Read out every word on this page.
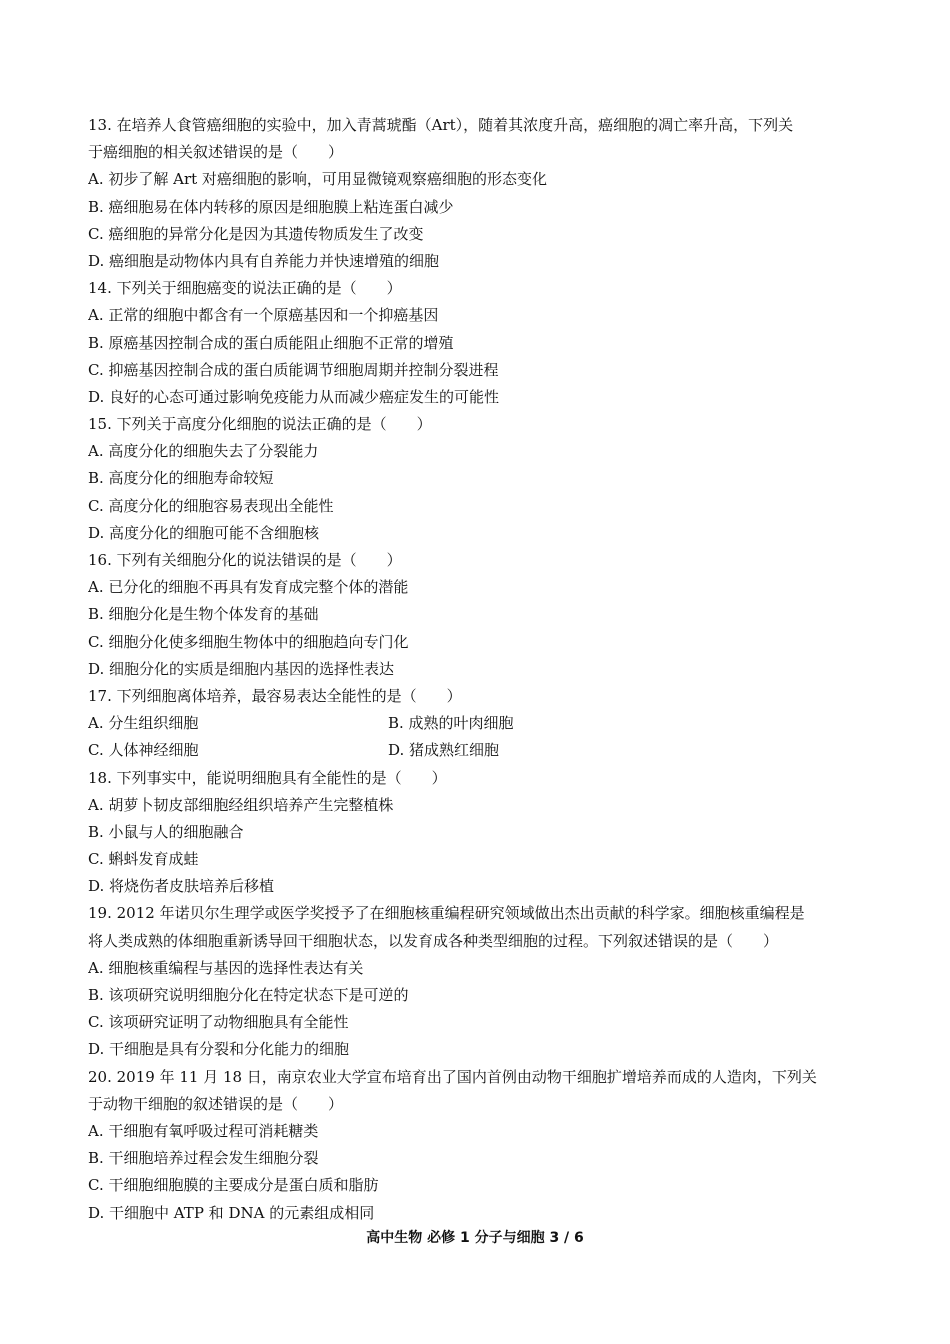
13. 在培养人食管癌细胞的实验中，加入青蒿琥酯（Art），随着其浓度升高，癌细胞的凋亡率升高，下列关
于癌细胞的相关叙述错误的是（　　）
A. 初步了解 Art 对癌细胞的影响，可用显微镜观察癌细胞的形态变化
B. 癌细胞易在体内转移的原因是细胞膜上粘连蛋白减少
C. 癌细胞的异常分化是因为其遗传物质发生了改变
D. 癌细胞是动物体内具有自养能力并快速增殖的细胞
14. 下列关于细胞癌变的说法正确的是（　　）
A. 正常的细胞中都含有一个原癌基因和一个抑癌基因
B. 原癌基因控制合成的蛋白质能阻止细胞不正常的增殖
C. 抑癌基因控制合成的蛋白质能调节细胞周期并控制分裂进程
D. 良好的心态可通过影响免疫能力从而减少癌症发生的可能性
15. 下列关于高度分化细胞的说法正确的是（　　）
A. 高度分化的细胞失去了分裂能力
B. 高度分化的细胞寿命较短
C. 高度分化的细胞容易表现出全能性
D. 高度分化的细胞可能不含细胞核
16. 下列有关细胞分化的说法错误的是（　　）
A. 已分化的细胞不再具有发育成完整个体的潜能
B. 细胞分化是生物个体发育的基础
C. 细胞分化使多细胞生物体中的细胞趋向专门化
D. 细胞分化的实质是细胞内基因的选择性表达
17. 下列细胞离体培养，最容易表达全能性的是（　　）
A. 分生组织细胞	B. 成熟的叶肉细胞
C. 人体神经细胞	D. 猪成熟红细胞
18. 下列事实中，能说明细胞具有全能性的是（　　）
A. 胡萝卜韧皮部细胞经组织培养产生完整植株
B. 小鼠与人的细胞融合
C. 蝌蚪发育成蛙
D. 将烧伤者皮肤培养后移植
19. 2012 年诺贝尔生理学或医学奖授予了在细胞核重编程研究领域做出杰出贡献的科学家。细胞核重编程是
将人类成熟的体细胞重新诱导回干细胞状态，以发育成各种类型细胞的过程。下列叙述错误的是（　　）
A. 细胞核重编程与基因的选择性表达有关
B. 该项研究说明细胞分化在特定状态下是可逆的
C. 该项研究证明了动物细胞具有全能性
D. 干细胞是具有分裂和分化能力的细胞
20. 2019 年 11 月 18 日，南京农业大学宣布培育出了国内首例由动物干细胞扩增培养而成的人造肉，下列关
于动物干细胞的叙述错误的是（　　）
A. 干细胞有氧呼吸过程可消耗糖类
B. 干细胞培养过程会发生细胞分裂
C. 干细胞细胞膜的主要成分是蛋白质和脂肪
D. 干细胞中 ATP 和 DNA 的元素组成相同
高中生物 必修 1 分子与细胞 3 / 6
